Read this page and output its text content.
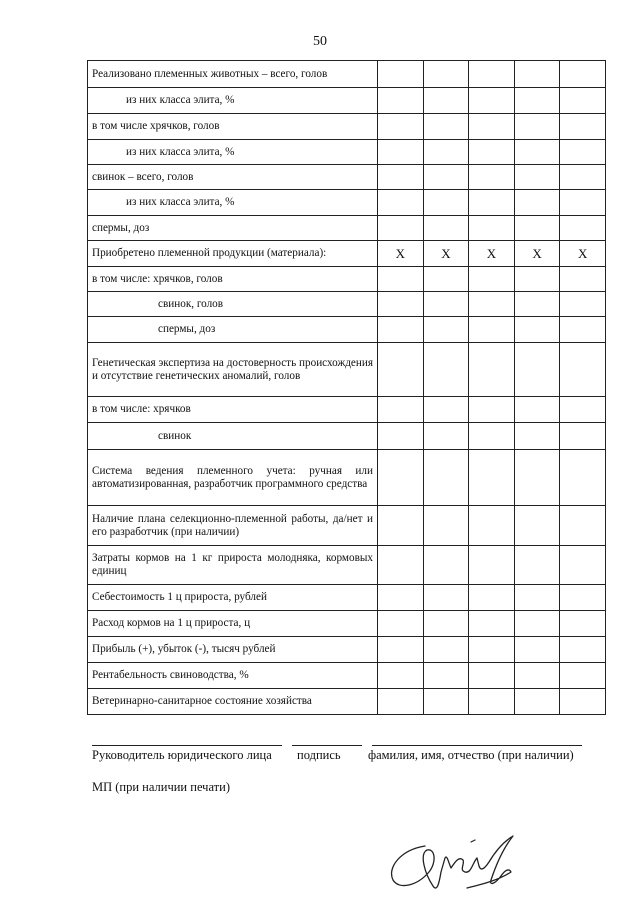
50
Реализовано племенных животных – всего, голов					
из них класса элита, %					
в том числе хрячков, голов					
из них класса элита, %					
свинок – всего, голов					
из них класса элита, %					
спермы, доз					
Приобретено племенной продукции (материала):	X	X	X	X	X
в том числе: хрячков, голов					
свинок, голов					
спермы, доз					
Генетическая экспертиза на достоверность происхождения и отсутствие генетических аномалий, голов					
в том числе: хрячков					
свинок					
Система ведения племенного учета: ручная или автоматизированная, разработчик программного средства					
Наличие плана селекционно-племенной работы, да/нет и его разработчик (при наличии)					
Затраты кормов на 1 кг прироста молодняка, кормовых единиц					
Себестоимость 1 ц прироста, рублей					
Расход кормов на 1 ц прироста, ц					
Прибыль (+), убыток (-), тысяч рублей					
Рентабельность свиноводства, %					
Ветеринарно-санитарное состояние хозяйства					
Руководитель юридического лица подпись фамилия, имя, отчество (при наличии)
МП (при наличии печати)
